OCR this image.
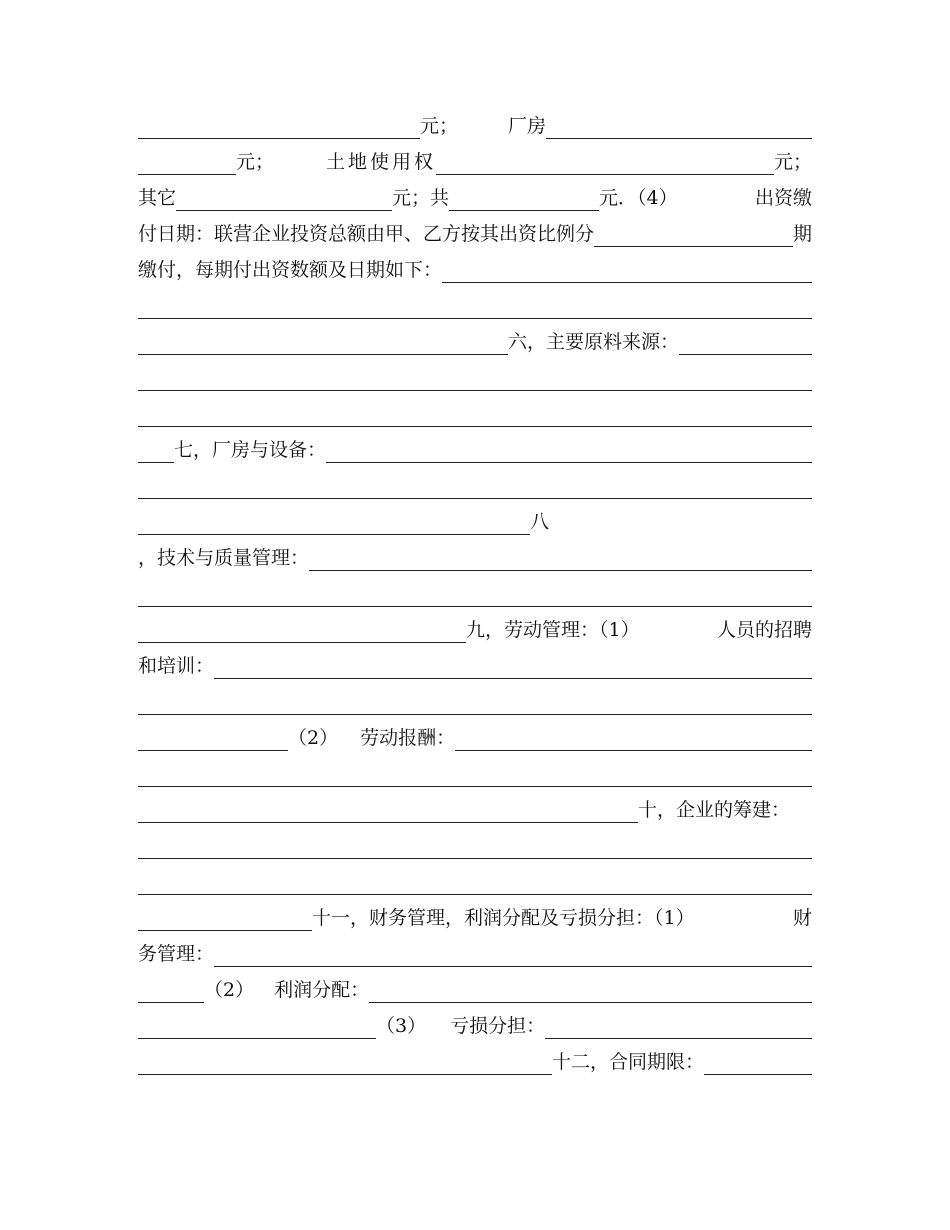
元；	厂房
元；	土地使用权	元；
其它	元；共	元．（4）	出资缴
付日期：联营企业投资总额由甲、乙方按其出资比例分	期
缴付，每期付出资数额及日期如下：
六，主要原料来源：
七，厂房与设备：
八
，技术与质量管理：
九，劳动管理：（1）	人员的招聘
和培训：
（2） 劳动报酬：
十，企业的筹建：
十一，财务管理，利润分配及亏损分担：（1）	财
务管理：
（2） 利润分配：
（3） 亏损分担：
十二，合同期限：
